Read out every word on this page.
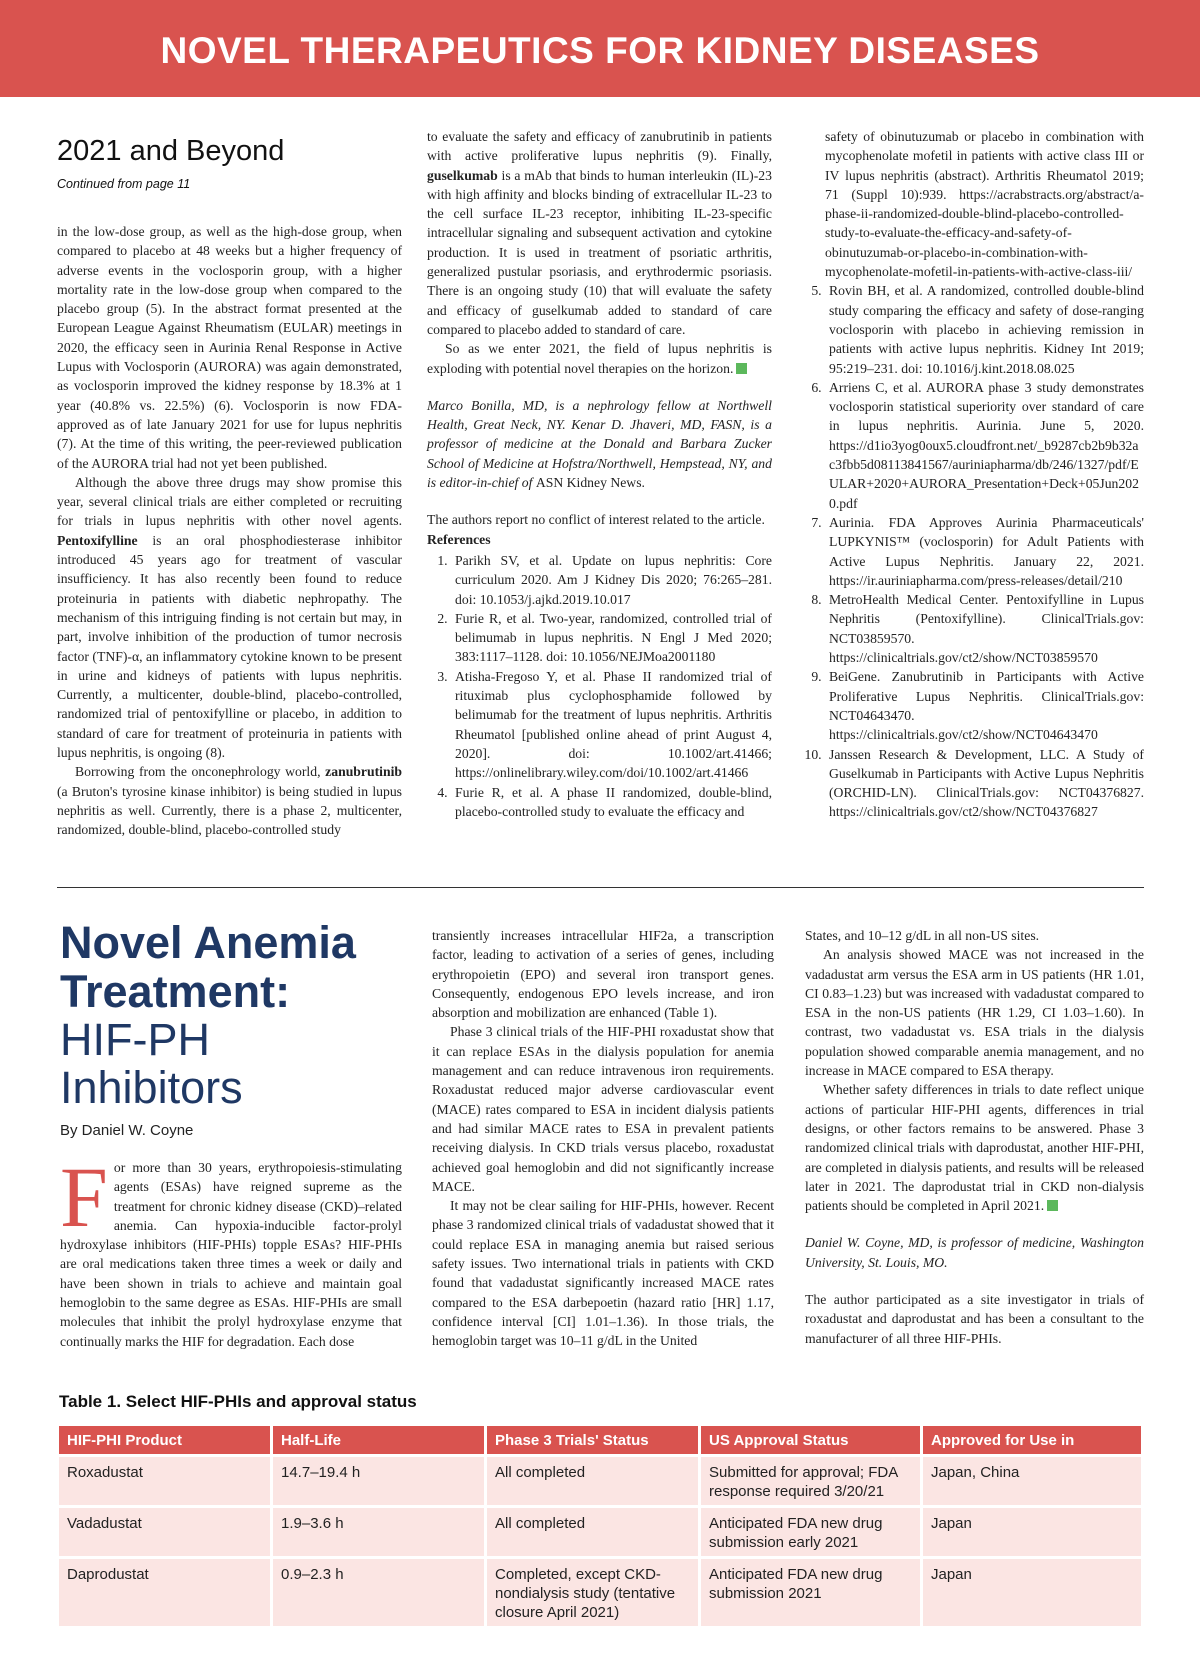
NOVEL THERAPEUTICS FOR KIDNEY DISEASES
2021 and Beyond
Continued from page 11

in the low-dose group, as well as the high-dose group, when compared to placebo at 48 weeks but a higher frequency of adverse events in the voclosporin group, with a higher mortality rate in the low-dose group when compared to the placebo group (5). In the abstract format presented at the European League Against Rheumatism (EULAR) meetings in 2020, the efficacy seen in Aurinia Renal Response in Active Lupus with Voclosporin (AURORA) was again demonstrated, as voclosporin improved the kidney response by 18.3% at 1 year (40.8% vs. 22.5%) (6). Voclosporin is now FDA-approved as of late January 2021 for use for lupus nephritis (7). At the time of this writing, the peer-reviewed publication of the AURORA trial had not yet been published.

Although the above three drugs may show promise this year, several clinical trials are either completed or recruiting for trials in lupus nephritis with other novel agents. Pentoxifylline is an oral phosphodiesterase inhibitor introduced 45 years ago for treatment of vascular insufficiency. It has also recently been found to reduce proteinuria in patients with diabetic nephropathy. The mechanism of this intriguing finding is not certain but may, in part, involve inhibition of the production of tumor necrosis factor (TNF)-α, an inflammatory cytokine known to be present in urine and kidneys of patients with lupus nephritis. Currently, a multicenter, double-blind, placebo-controlled, randomized trial of pentoxifylline or placebo, in addition to standard of care for treatment of proteinuria in patients with lupus nephritis, is ongoing (8).

Borrowing from the onconephrology world, zanubrutinib (a Bruton's tyrosine kinase inhibitor) is being studied in lupus nephritis as well. Currently, there is a phase 2, multicenter, randomized, double-blind, placebo-controlled study

to evaluate the safety and efficacy of zanubrutinib in patients with active proliferative lupus nephritis (9). Finally, guselkumab is a mAb that binds to human interleukin (IL)-23 with high affinity and blocks binding of extracellular IL-23 to the cell surface IL-23 receptor, inhibiting IL-23-specific intracellular signaling and subsequent activation and cytokine production. It is used in treatment of psoriatic arthritis, generalized pustular psoriasis, and erythrodermic psoriasis. There is an ongoing study (10) that will evaluate the safety and efficacy of guselkumab added to standard of care compared to placebo added to standard of care.

So as we enter 2021, the field of lupus nephritis is exploding with potential novel therapies on the horizon.

Marco Bonilla, MD, is a nephrology fellow at Northwell Health, Great Neck, NY. Kenar D. Jhaveri, MD, FASN, is a professor of medicine at the Donald and Barbara Zucker School of Medicine at Hofstra/Northwell, Hempstead, NY, and is editor-in-chief of ASN Kidney News.

The authors report no conflict of interest related to the article.

References

1. Parikh SV, et al. Update on lupus nephritis: Core curriculum 2020. Am J Kidney Dis 2020; 76:265–281. doi: 10.1053/j.ajkd.2019.10.017
2. Furie R, et al. Two-year, randomized, controlled trial of belimumab in lupus nephritis. N Engl J Med 2020; 383:1117–1128. doi: 10.1056/NEJMoa2001180
3. Atisha-Fregoso Y, et al. Phase II randomized trial of rituximab plus cyclophosphamide followed by belimumab for the treatment of lupus nephritis. Arthritis Rheumatol [published online ahead of print August 4, 2020]. doi: 10.1002/art.41466; https://onlinelibrary.wiley.com/doi/10.1002/art.41466
4. Furie R, et al. A phase II randomized, double-blind, placebo-controlled study to evaluate the efficacy and

safety of obinutuzumab or placebo in combination with mycophenolate mofetil in patients with active class III or IV lupus nephritis (abstract). Arthritis Rheumatol 2019; 71 (Suppl 10):939. https://acrabstracts.org/abstract/a-phase-ii-randomized-double-blind-placebo-controlled-study-to-evaluate-the-efficacy-and-safety-of-obinutuzumab-or-placebo-in-combination-with-mycophenolate-mofetil-in-patients-with-active-class-iii/

5. Rovin BH, et al. A randomized, controlled double-blind study comparing the efficacy and safety of dose-ranging voclosporin with placebo in achieving remission in patients with active lupus nephritis. Kidney Int 2019; 95:219–231. doi: 10.1016/j.kint.2018.08.025
6. Arriens C, et al. AURORA phase 3 study demonstrates voclosporin statistical superiority over standard of care in lupus nephritis. Aurinia. June 5, 2020. https://d1io3yog0oux5.cloudfront.net/_b9287cb2b9b32ac3fbb5d08113841567/auriniapharma/db/246/1327/pdf/EULAR+2020+AURORA_Presentation+Deck+05Jun2020.pdf
7. Aurinia. FDA Approves Aurinia Pharmaceuticals' LUPKYNIS™ (voclosporin) for Adult Patients with Active Lupus Nephritis. January 22, 2021. https://ir.auriniapharma.com/press-releases/detail/210
8. MetroHealth Medical Center. Pentoxifylline in Lupus Nephritis (Pentoxifylline). ClinicalTrials.gov: NCT03859570. https://clinicaltrials.gov/ct2/show/NCT03859570
9. BeiGene. Zanubrutinib in Participants with Active Proliferative Lupus Nephritis. ClinicalTrials.gov: NCT04643470. https://clinicaltrials.gov/ct2/show/NCT04643470
10. Janssen Research & Development, LLC. A Study of Guselkumab in Participants with Active Lupus Nephritis (ORCHID-LN). ClinicalTrials.gov: NCT04376827. https://clinicaltrials.gov/ct2/show/NCT04376827
Novel Anemia
Treatment:
HIF-PH
Inhibitors
By Daniel W. Coyne

For more than 30 years, erythropoiesis-stimulating agents (ESAs) have reigned supreme as the treatment for chronic kidney disease (CKD)–related anemia. Can hypoxia-inducible factor-prolyl hydroxylase inhibitors (HIF-PHIs) topple ESAs? HIF-PHIs are oral medications taken three times a week or daily and have been shown in trials to achieve and maintain goal hemoglobin to the same degree as ESAs. HIF-PHIs are small molecules that inhibit the prolyl hydroxylase enzyme that continually marks the HIF for degradation. Each dose

transiently increases intracellular HIF2a, a transcription factor, leading to activation of a series of genes, including erythropoietin (EPO) and several iron transport genes. Consequently, endogenous EPO levels increase, and iron absorption and mobilization are enhanced (Table 1).

Phase 3 clinical trials of the HIF-PHI roxadustat show that it can replace ESAs in the dialysis population for anemia management and can reduce intravenous iron requirements. Roxadustat reduced major adverse cardiovascular event (MACE) rates compared to ESA in incident dialysis patients and had similar MACE rates to ESA in prevalent patients receiving dialysis. In CKD trials versus placebo, roxadustat achieved goal hemoglobin and did not significantly increase MACE.

It may not be clear sailing for HIF-PHIs, however. Recent phase 3 randomized clinical trials of vadadustat showed that it could replace ESA in managing anemia but raised serious safety issues. Two international trials in patients with CKD found that vadadustat significantly increased MACE rates compared to the ESA darbepoetin (hazard ratio [HR] 1.17, confidence interval [CI] 1.01–1.36). In those trials, the hemoglobin target was 10–11 g/dL in the United

States, and 10–12 g/dL in all non-US sites.

An analysis showed MACE was not increased in the vadadustat arm versus the ESA arm in US patients (HR 1.01, CI 0.83–1.23) but was increased with vadadustat compared to ESA in the non-US patients (HR 1.29, CI 1.03–1.60). In contrast, two vadadustat vs. ESA trials in the dialysis population showed comparable anemia management, and no increase in MACE compared to ESA therapy.

Whether safety differences in trials to date reflect unique actions of particular HIF-PHI agents, differences in trial designs, or other factors remains to be answered. Phase 3 randomized clinical trials with daprodustat, another HIF-PHI, are completed in dialysis patients, and results will be released later in 2021. The daprodustat trial in CKD non-dialysis patients should be completed in April 2021.

Daniel W. Coyne, MD, is professor of medicine, Washington University, St. Louis, MO.

The author participated as a site investigator in trials of roxadustat and daprodustat and has been a consultant to the manufacturer of all three HIF-PHIs.

Table 1. Select HIF-PHIs and approval status
HIF-PHI Product	Half-Life	Phase 3 Trials' Status	US Approval Status	Approved for Use in
Roxadustat	14.7–19.4 h	All completed	Submitted for approval; FDA response required 3/20/21	Japan, China
Vadadustat	1.9–3.6 h	All completed	Anticipated FDA new drug submission early 2021	Japan
Daprodustat	0.9–2.3 h	Completed, except CKD-nondialysis study (tentative closure April 2021)	Anticipated FDA new drug submission 2021	Japan
